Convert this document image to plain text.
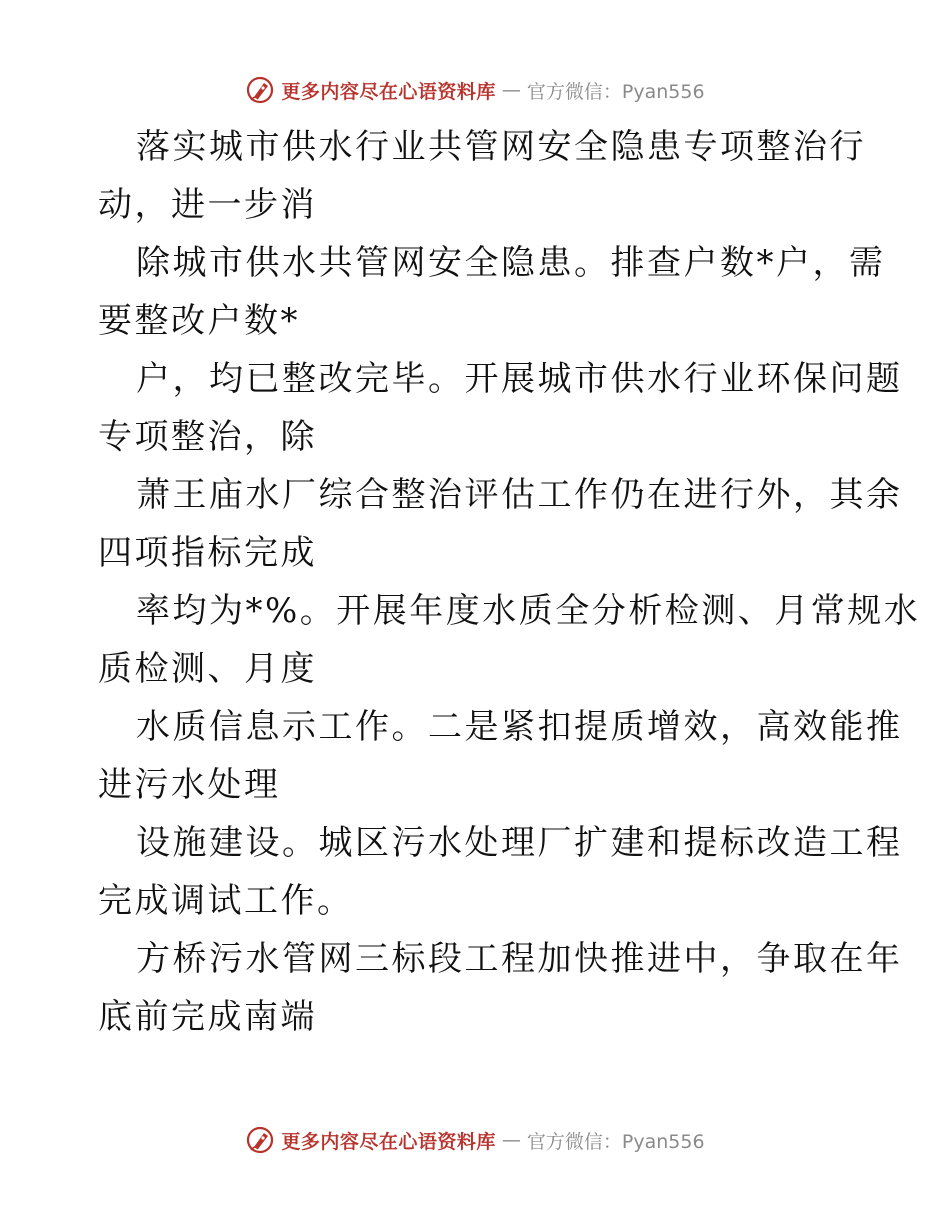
更多内容尽在心语资料库 — 官方微信：Pyan556
落实城市供水行业共管网安全隐患专项整治行
动，进一步消
除城市供水共管网安全隐患。排查户数*户，需
要整改户数*
户，均已整改完毕。开展城市供水行业环保问题
专项整治，除
萧王庙水厂综合整治评估工作仍在进行外，其余
四项指标完成
率均为*%。开展年度水质全分析检测、月常规水
质检测、月度
水质信息示工作。二是紧扣提质增效，高效能推
进污水处理
设施建设。城区污水处理厂扩建和提标改造工程
完成调试工作。
方桥污水管网三标段工程加快推进中，争取在年
底前完成南端
更多内容尽在心语资料库 — 官方微信：Pyan556
